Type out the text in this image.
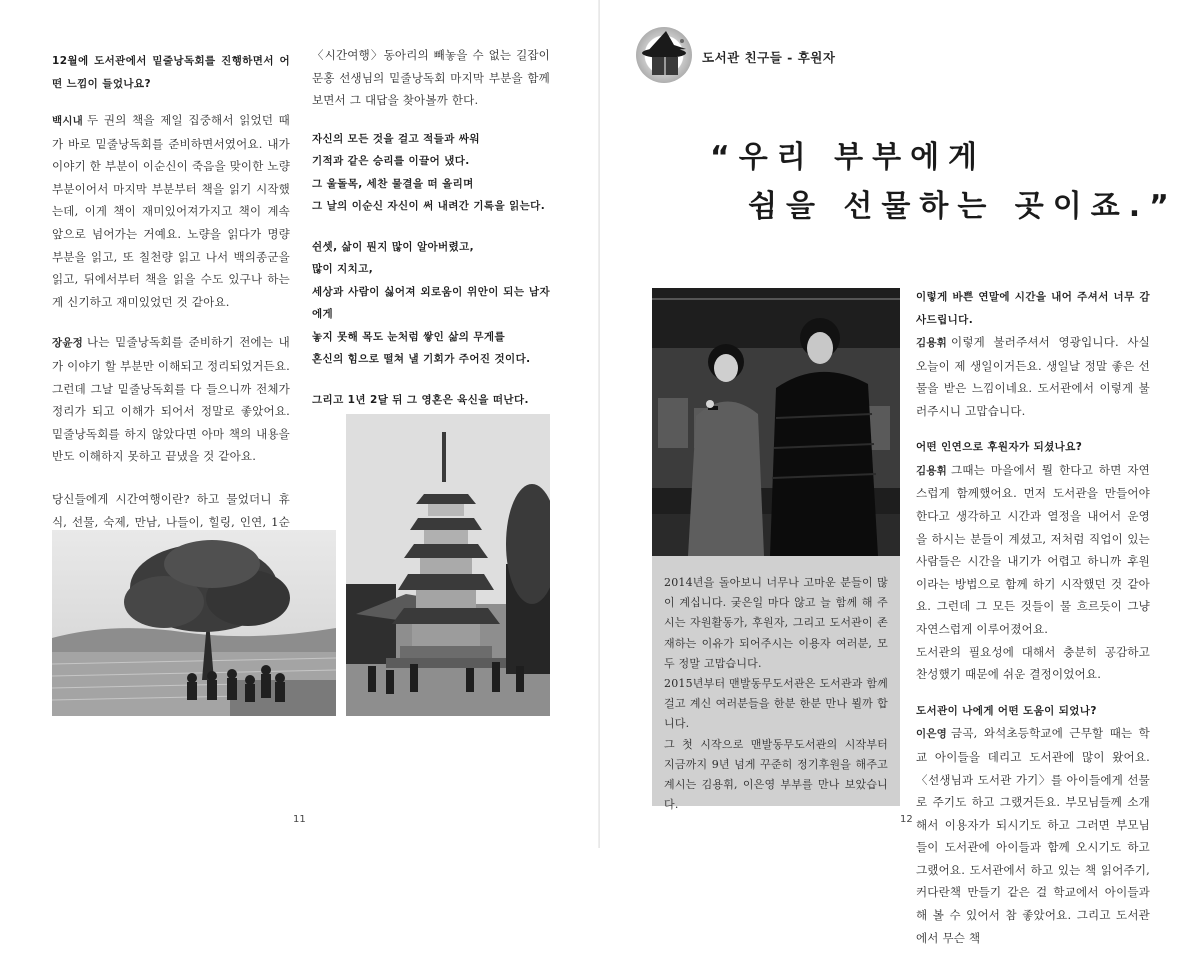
12월에 도서관에서 밑줄낭독회를 진행하면서 어떤 느낌이 들었나요?

백시내 두 권의 책을 제일 집중해서 읽었던 때가 바로 밑줄낭독회를 준비하면서였어요. 내가 이야기 한 부분이 이순신이 죽음을 맞이한 노량 부분이어서 마지막 부분부터 책을 읽기 시작했는데, 이게 책이 재미있어져가지고 책이 계속 앞으로 넘어가는 거예요. 노량을 읽다가 명량 부분을 읽고, 또 칠천량 읽고 나서 백의종군을 읽고, 뒤에서부터 책을 읽을 수도 있구나 하는 게 신기하고 재미있었던 것 같아요.

장윤정 나는 밑줄낭독회를 준비하기 전에는 내가 이야기 할 부분만 이해되고 정리되었거든요. 그런데 그날 밑줄낭독회를 다 들으니까 전체가 정리가 되고 이해가 되어서 정말로 좋았어요. 밑줄낭독회를 하지 않았다면 아마 책의 내용을 반도 이해하지 못하고 끝냈을 것 같아요.

당신들에게 시간여행이란? 하고 물었더니 휴식, 선물, 숙제, 만남, 나들이, 힐링, 인연, 1순

〈시간여행〉동아리의 빼놓을 수 없는 길잡이 문홍 선생님의 밑줄낭독회 마지막 부분을 함께 보면서 그 대답을 찾아볼까 한다.

자신의 모든 것을 걸고 적들과 싸워
기적과 같은 승리를 이끌어 냈다.
그 울돌목, 세찬 물결을 떠 올리며
그 날의 이순신 자신이 써 내려간 기록을 읽는다.
쉰셋, 삶이 뭔지 많이 알아버렸고,
많이 지치고,
세상과 사람이 싫어져 외로움이 위안이 되는 남자에게
놓지 못해 목도 눈처럼 쌓인 삶의 무게를
혼신의 힘으로 떨쳐 낼 기회가 주어진 것이다.
그리고 1년 2달 뒤 그 영혼은 육신을 떠난다.
11
도서관 친구들 - 후원자
“우리 부부에게
쉼을 선물하는 곳이죠.”

2014년을 돌아보니 너무나 고마운 분들이 많이 계십니다. 궂은일 마다 않고 늘 함께 해 주시는 자원활동가, 후원자, 그리고 도서관이 존재하는 이유가 되어주시는 이용자 여러분, 모두 정말 고맙습니다.

2015년부터 맨발동무도서관은 도서관과 함께 걸고 계신 여러분들을 한분 한분 만나 뵐까 합니다.

그 첫 시작으로 맨발동무도서관의 시작부터 지금까지 9년 넘게 꾸준히 정기후원을 해주고 계시는 김용휘, 이은영 부부를 만나 보았습니다.

이렇게 바쁜 연말에 시간을 내어 주셔서 너무 감사드립니다.

김용휘 이렇게 불러주셔서 영광입니다. 사실 오늘이 제 생일이거든요. 생일날 정말 좋은 선물을 받은 느낌이네요. 도서관에서 이렇게 불러주시니 고맙습니다.

어떤 인연으로 후원자가 되셨나요?

김용휘 그때는 마을에서 뭘 한다고 하면 자연스럽게 함께했어요. 먼저 도서관을 만들어야 한다고 생각하고 시간과 열정을 내어서 운영을 하시는 분들이 계셨고, 저처럼 직업이 있는 사람들은 시간을 내기가 어렵고 하니까 후원이라는 방법으로 함께 하기 시작했던 것 같아요. 그런데 그 모든 것들이 물 흐르듯이 그냥 자연스럽게 이루어졌어요.

도서관의 필요성에 대해서 충분히 공감하고 찬성했기 때문에 쉬운 결정이었어요.

도서관이 나에게 어떤 도움이 되었나?

이은영 금곡, 와석초등학교에 근무할 때는 학교 아이들을 데리고 도서관에 많이 왔어요. 〈선생님과 도서관 가기〉를 아이들에게 선물로 주기도 하고 그랬거든요. 부모님들께 소개해서 이용자가 되시기도 하고 그러면 부모님들이 도서관에 아이들과 함께 오시기도 하고 그랬어요. 도서관에서 하고 있는 책 읽어주기, 커다란책 만들기 같은 걸 학교에서 아이들과 해 볼 수 있어서 참 좋았어요. 그리고 도서관에서 무슨 책

12
